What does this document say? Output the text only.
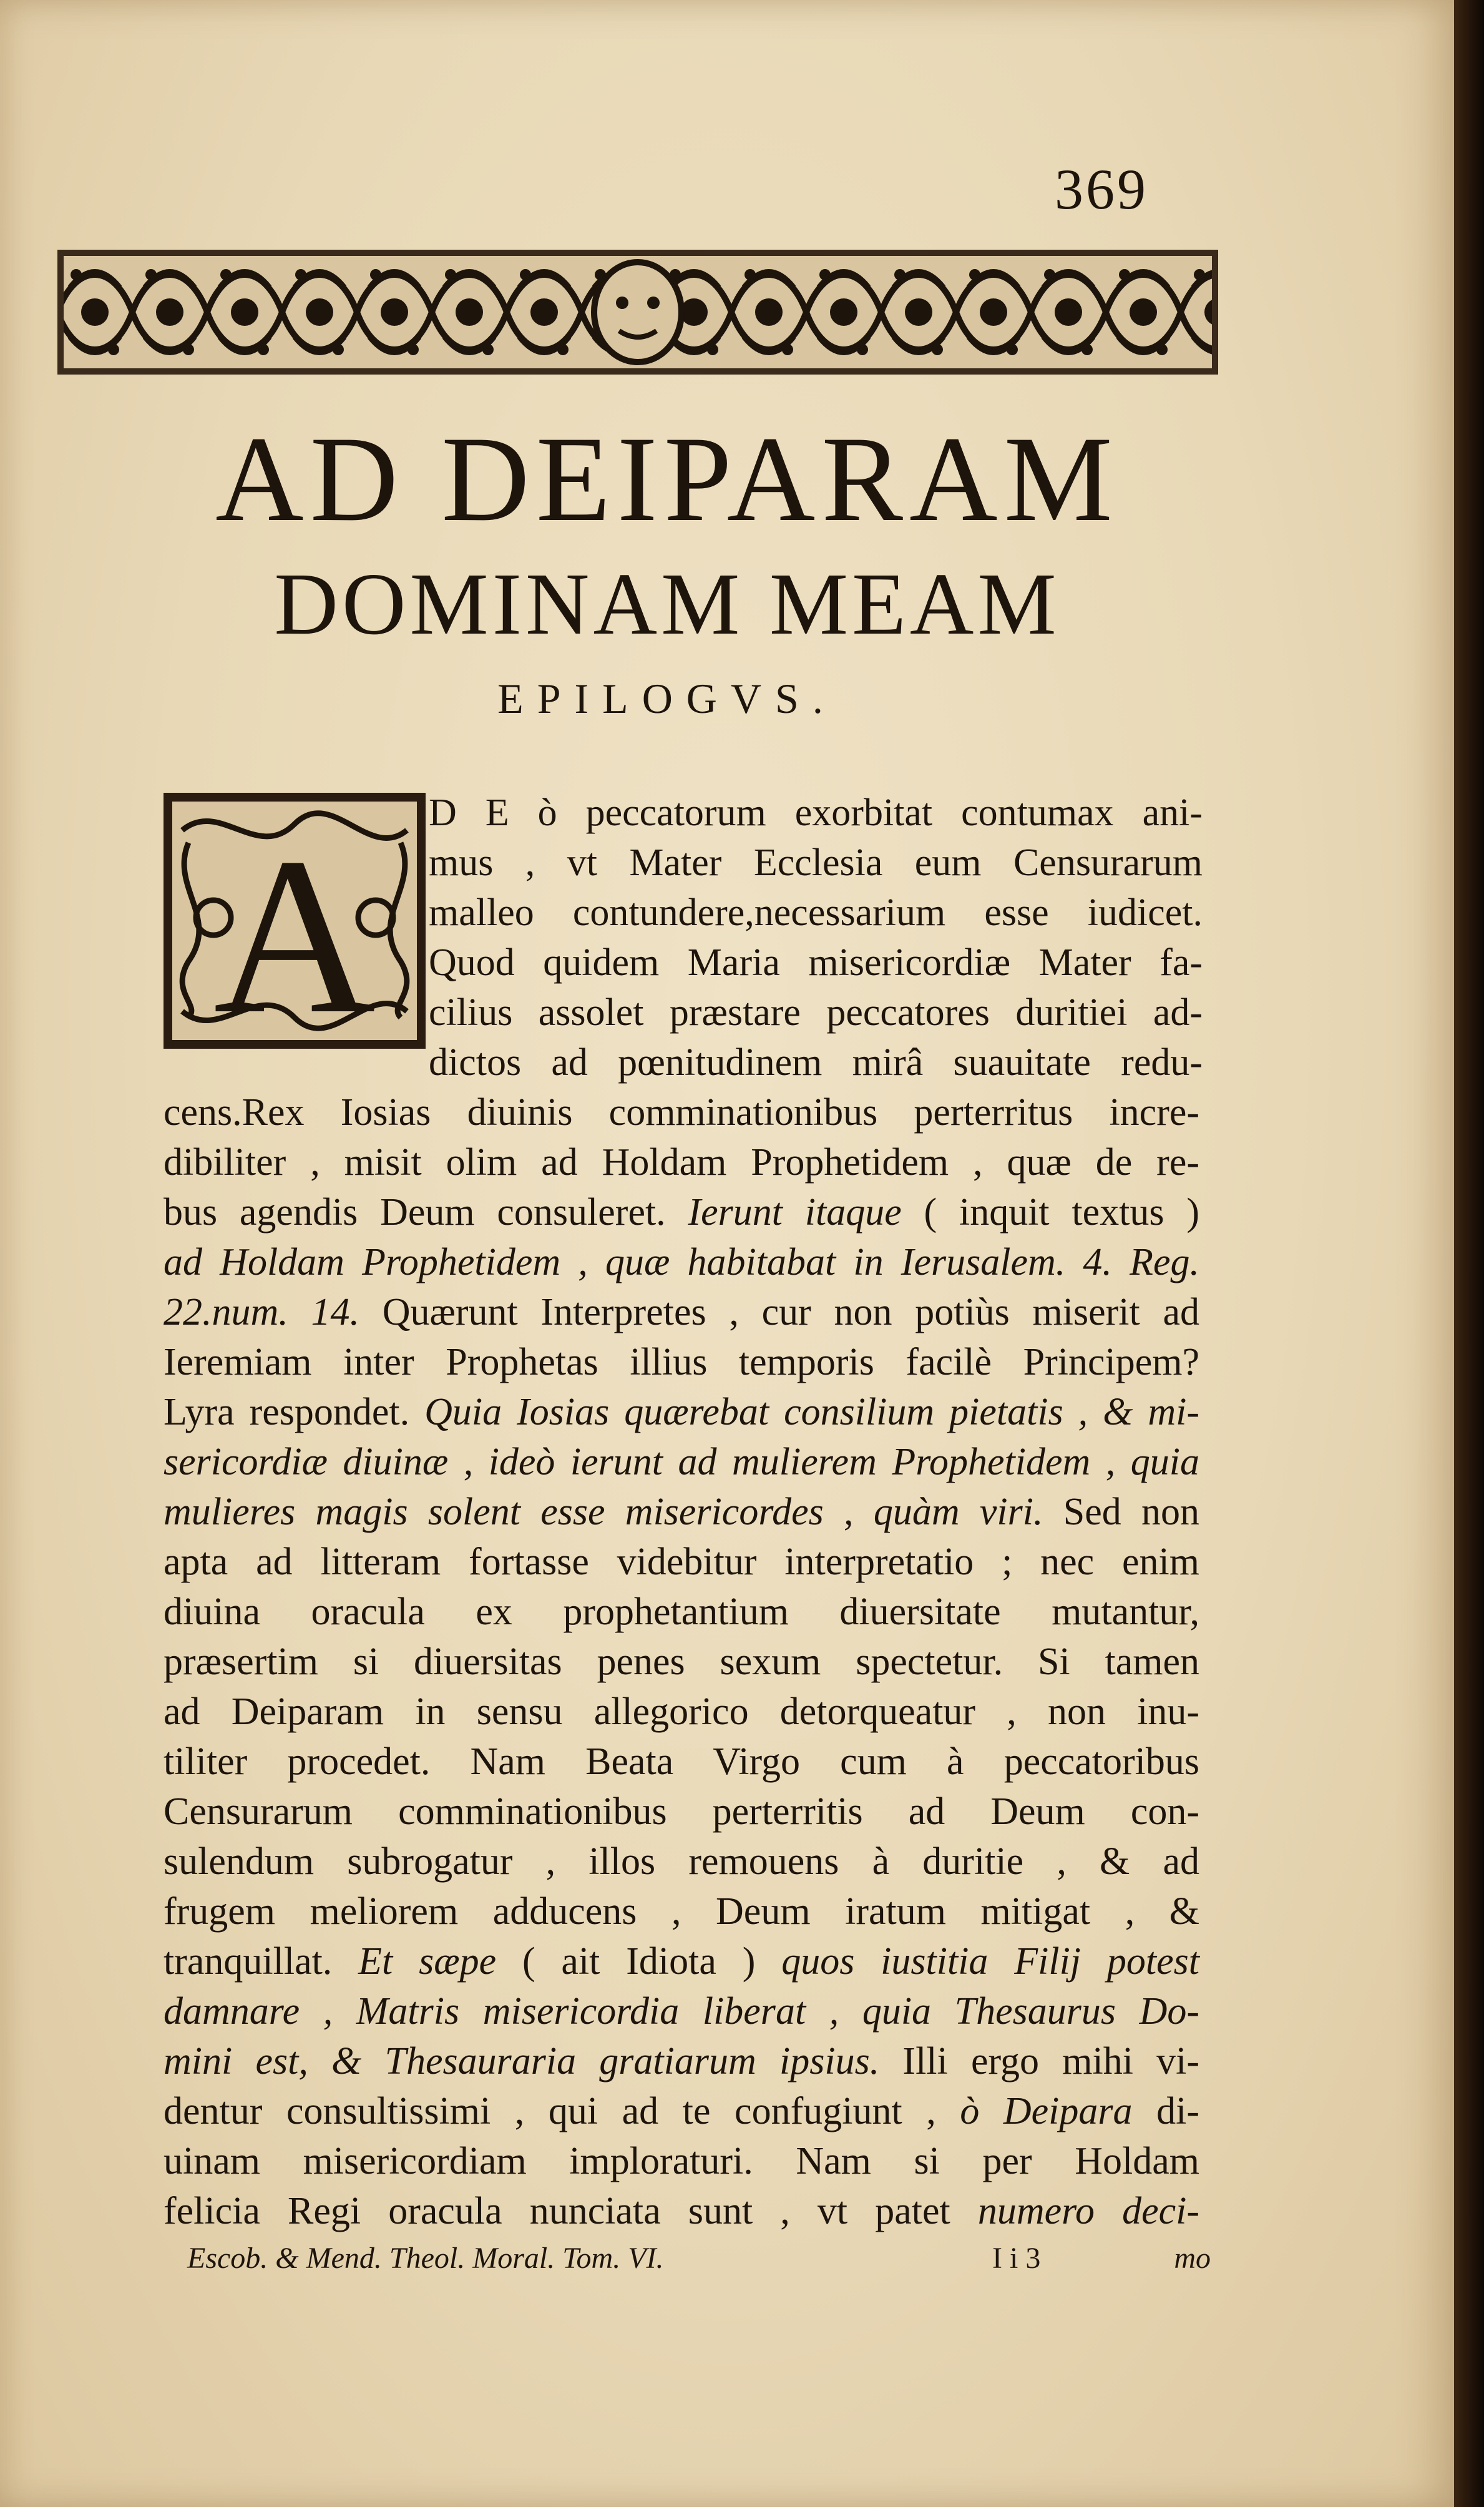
369
AD DEIPARAM
DOMINAM MEAM
EPILOGVS.
A D E ò peccatorum exorbitat contumax ani-
mus , vt Mater Ecclesia eum Censurarum
malleo contundere,necessarium esse iudicet.
Quod quidem Maria misericordiæ Mater fa-
cilius assolet præstare peccatores duritiei ad-
dictos ad pœnitudinem mirâ suauitate redu-
cens.Rex Iosias diuinis comminationibus perterritus incre-
dibiliter , misit olim ad Holdam Prophetidem , quæ de re-
bus agendis Deum consuleret. Ierunt itaque ( inquit textus )
ad Holdam Prophetidem , quæ habitabat in Ierusalem. 4. Reg.
22.num. 14. Quærunt Interpretes , cur non potiùs miserit ad
Ieremiam inter Prophetas illius temporis facilè Principem?
Lyra respondet. Quia Iosias quærebat consilium pietatis , & mi-
sericordiæ diuinæ , ideò ierunt ad mulierem Prophetidem , quia
mulieres magis solent esse misericordes , quàm viri. Sed non
apta ad litteram fortasse videbitur interpretatio ; nec enim
diuina oracula ex prophetantium diuersitate mutantur,
præsertim si diuersitas penes sexum spectetur. Si tamen
ad Deiparam in sensu allegorico detorqueatur , non inu-
tiliter procedet. Nam Beata Virgo cum à peccatoribus
Censurarum comminationibus perterritis ad Deum con-
sulendum subrogatur , illos remouens à duritie , & ad
frugem meliorem adducens , Deum iratum mitigat , &
tranquillat. Et sæpe ( ait Idiota ) quos iustitia Filij potest
damnare , Matris misericordia liberat , quia Thesaurus Do-
mini est, & Thesauraria gratiarum ipsius. Illi ergo mihi vi-
dentur consultissimi , qui ad te confugiunt , ò Deipara di-
uinam misericordiam imploraturi. Nam si per Holdam
felicia Regi oracula nunciata sunt , vt patet numero deci-
Escob. & Mend. Theol. Moral. Tom. VI.	I i 3	mo
